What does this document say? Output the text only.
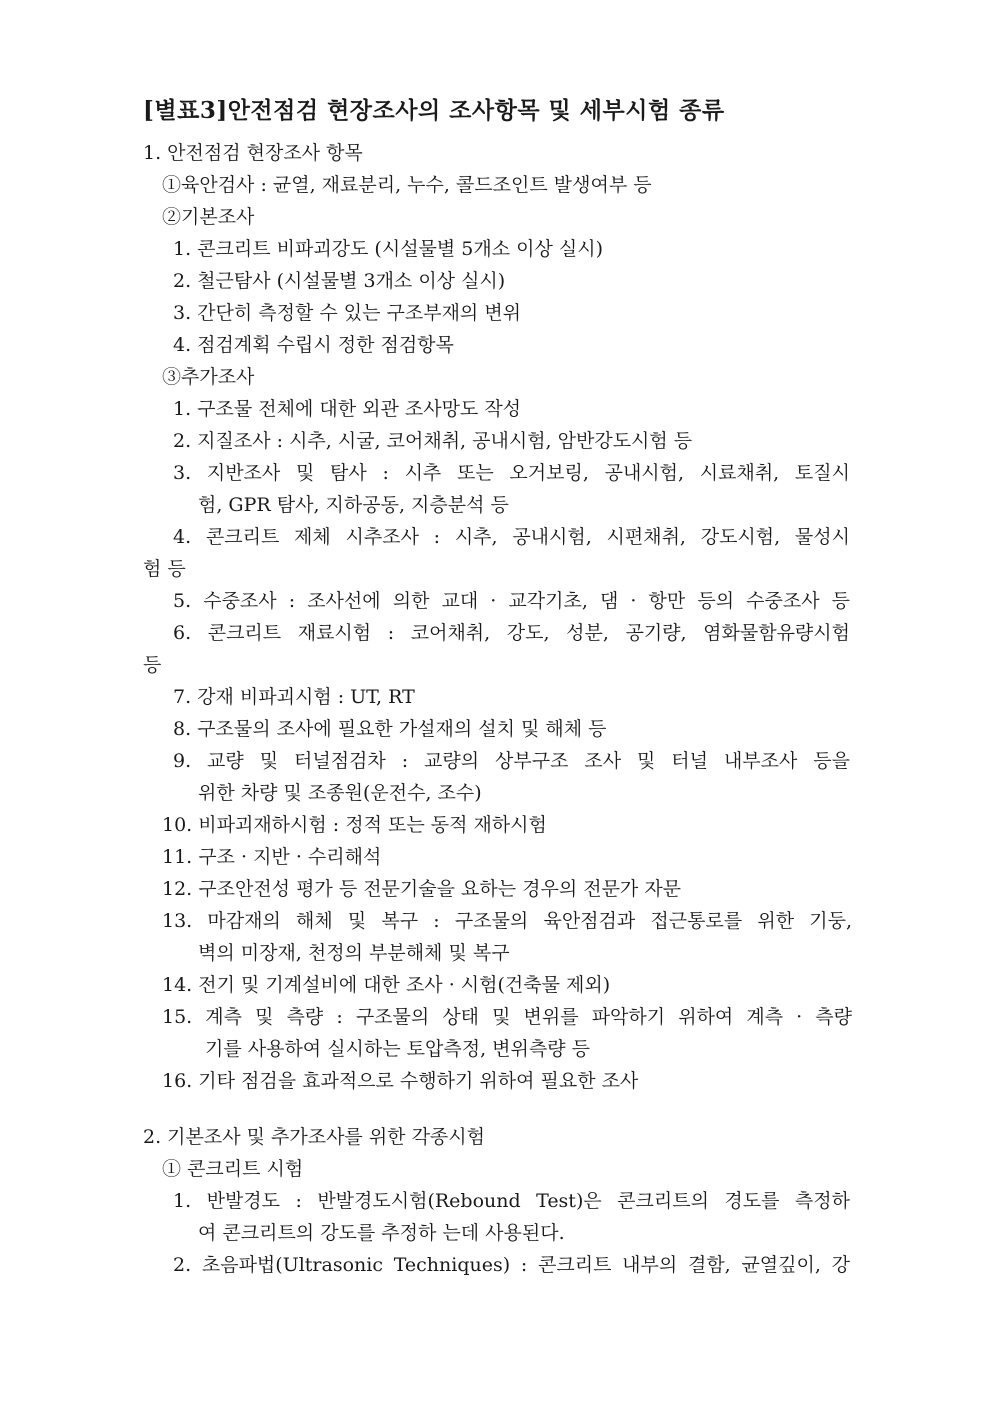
[별표3]안전점검 현장조사의 조사항목 및 세부시험 종류
1. 안전점검 현장조사 항목
①육안검사 : 균열, 재료분리, 누수, 콜드조인트 발생여부 등
②기본조사
1. 콘크리트 비파괴강도 (시설물별 5개소 이상 실시)
2. 철근탐사 (시설물별 3개소 이상 실시)
3. 간단히 측정할 수 있는 구조부재의 변위
4. 점검계획 수립시 정한 점검항목
③추가조사
1. 구조물 전체에 대한 외관 조사망도 작성
2. 지질조사 : 시추, 시굴, 코어채취, 공내시험, 암반강도시험 등
3. 지반조사 및 탐사 : 시추 또는 오거보링, 공내시험, 시료채취, 토질시
험, GPR 탐사, 지하공동, 지층분석 등
4. 콘크리트 제체 시추조사 : 시추, 공내시험, 시편채취, 강도시험, 물성시
험 등
5. 수중조사 : 조사선에 의한 교대 · 교각기초, 댐 · 항만 등의 수중조사 등
6. 콘크리트 재료시험 : 코어채취, 강도, 성분, 공기량, 염화물함유량시험
등
7. 강재 비파괴시험 : UT, RT
8. 구조물의 조사에 필요한 가설재의 설치 및 해체 등
9. 교량 및 터널점검차 : 교량의 상부구조 조사 및 터널 내부조사 등을
위한 차량 및 조종원(운전수, 조수)
10. 비파괴재하시험 : 정적 또는 동적 재하시험
11. 구조 · 지반 · 수리해석
12. 구조안전성 평가 등 전문기술을 요하는 경우의 전문가 자문
13. 마감재의 해체 및 복구 : 구조물의 육안점검과 접근통로를 위한 기둥,
벽의 미장재, 천정의 부분해체 및 복구
14. 전기 및 기계설비에 대한 조사 · 시험(건축물 제외)
15. 계측 및 측량 : 구조물의 상태 및 변위를 파악하기 위하여 계측 · 측량
기를 사용하여 실시하는 토압측정, 변위측량 등
16. 기타 점검을 효과적으로 수행하기 위하여 필요한 조사
2. 기본조사 및 추가조사를 위한 각종시험
① 콘크리트 시험
1. 반발경도 : 반발경도시험(Rebound Test)은 콘크리트의 경도를 측정하
여 콘크리트의 강도를 추정하 는데 사용된다.
2. 초음파법(Ultrasonic Techniques) : 콘크리트 내부의 결함, 균열깊이, 강
